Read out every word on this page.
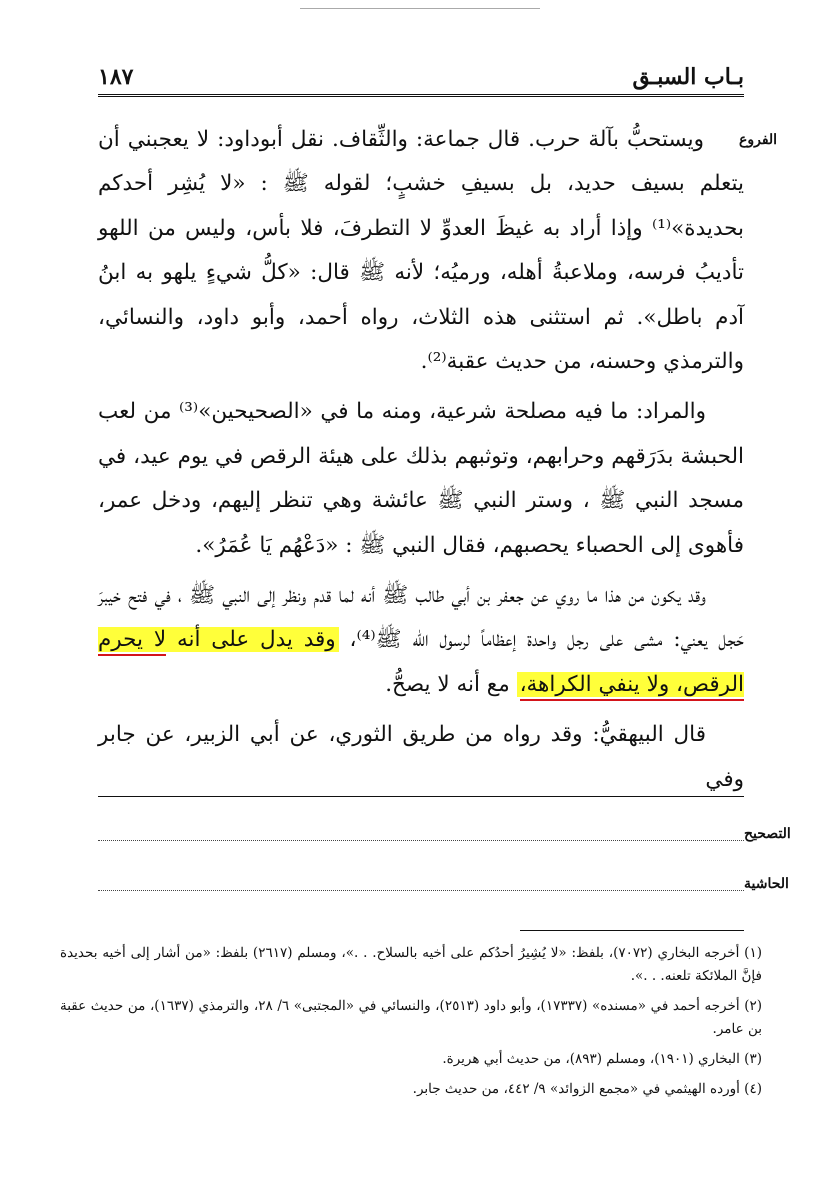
بـاب السبـق
١٨٧
الفروع

ويستحبُّ بآلة حرب. قال جماعة: والثِّقاف. نقل أبوداود: لا يعجبني أن يتعلم بسيف حديد، بل بسيفِ خشبٍ؛ لقوله ﷺ : «لا يُشِر أحدكم بحديدة»⁽¹⁾ وإذا أراد به غيظَ العدوِّ لا التطرفَ، فلا بأس، وليس من اللهو تأديبُ فرسه، وملاعبةُ أهله، ورميُه؛ لأنه ﷺ قال: «كلُّ شيءٍ يلهو به ابنُ آدم باطل». ثم استثنى هذه الثلاث، رواه أحمد، وأبو داود، والنسائي، والترمذي وحسنه، من حديث عقبة⁽²⁾.

والمراد: ما فيه مصلحة شرعية، ومنه ما في «الصحيحين»⁽³⁾ من لعب الحبشة بدَرَقهم وحرابهم، وتوثبهم بذلك على هيئة الرقص في يوم عيد، في مسجد النبي ﷺ ، وستر النبي ﷺ عائشة وهي تنظر إليهم، ودخل عمر، فأهوى إلى الحصباء يحصبهم، فقال النبي ﷺ : «دَعْهُم يَا عُمَرُ».

وقد يكون من هذا ما روي عن جعفر بن أبي طالب ﷺ أنه لما قدم ونظر إلى النبي ﷺ ، في فتح خيبرَ حَجل يعني: مشى على رجل واحدة إعظاماً لرسول الله ﷺ⁽⁴⁾، وقد يدل على أنه لا يحرم الرقص، ولا ينفي الكراهة، مع أنه لا يصحُّ.

قال البيهقيُّ: وقد رواه من طريق الثوري، عن أبي الزبير، عن جابر وفي

التصحيح
الحاشية

(١) أخرجه البخاري (٧٠٧٢)، بلفظ: «لا يُشِيرُ أحدُكم على أخيه بالسلاح. . .»، ومسلم (٢٦١٧) بلفظ: «من أشار إلى أخيه بحديدة فإنَّ الملائكة تلعنه. . .».

(٢) أخرجه أحمد في «مسنده» (١٧٣٣٧)، وأبو داود (٢٥١٣)، والنسائي في «المجتبى» ٦/ ٢٨، والترمذي (١٦٣٧)، من حديث عقبة بن عامر.

(٣) البخاري (١٩٠١)، ومسلم (٨٩٣)، من حديث أبي هريرة.

(٤) أورده الهيثمي في «مجمع الزوائد» ٩/ ٤٤٢، من حديث جابر.
